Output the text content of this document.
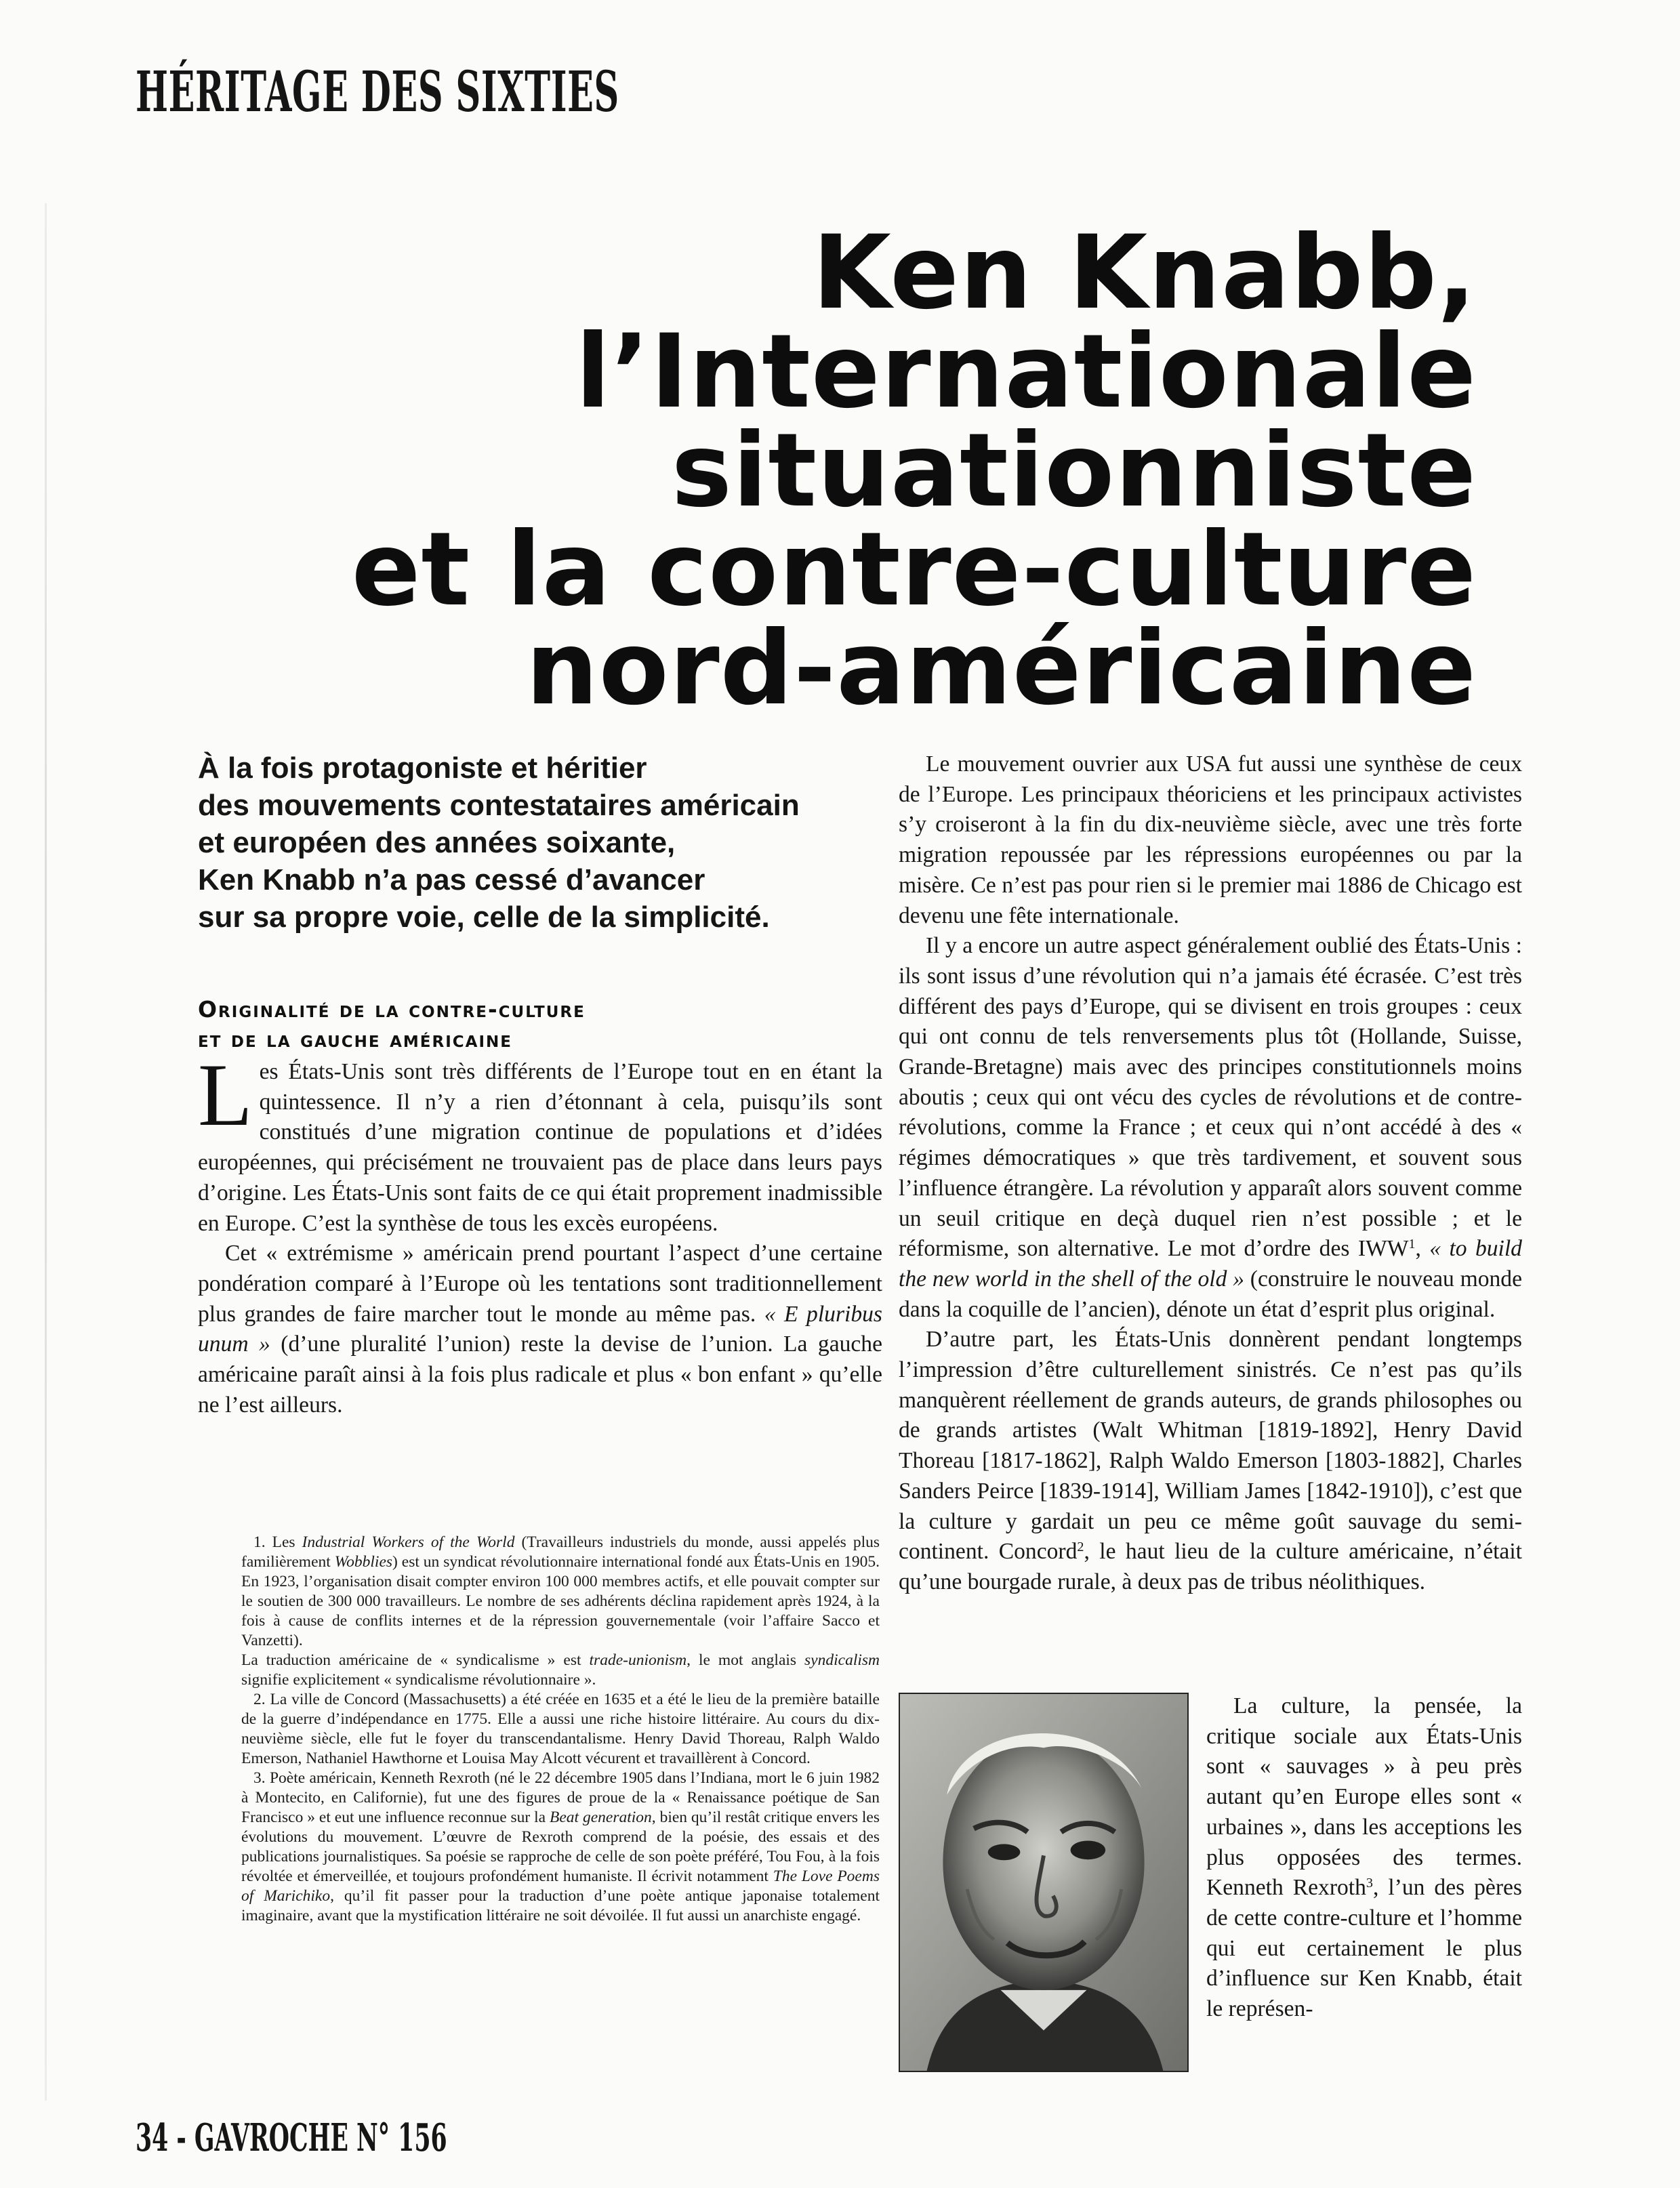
HÉRITAGE DES SIXTIES
Ken Knabb,
l’Internationale
situationniste
et la contre-culture
nord-américaine
À la fois protagoniste et héritier
des mouvements contestataires américain
et européen des années soixante,
Ken Knabb n’a pas cessé d’avancer
sur sa propre voie, celle de la simplicité.
Originalité de la contre-culture
et de la gauche américaine

Les États-Unis sont très différents de l’Europe tout en en étant la quintessence. Il n’y a rien d’étonnant à cela, puisqu’ils sont constitués d’une migration continue de populations et d’idées européennes, qui précisément ne trouvaient pas de place dans leurs pays d’origine. Les États-Unis sont faits de ce qui était proprement inadmissible en Europe. C’est la synthèse de tous les excès européens.

Cet « extrémisme » américain prend pourtant l’aspect d’une certaine pondération comparé à l’Europe où les tentations sont traditionnellement plus grandes de faire marcher tout le monde au même pas. « E pluribus unum » (d’une pluralité l’union) reste la devise de l’union. La gauche américaine paraît ainsi à la fois plus radicale et plus « bon enfant » qu’elle ne l’est ailleurs.

1. Les Industrial Workers of the World (Travailleurs industriels du monde, aussi appelés plus familièrement Wobblies) est un syndicat révolutionnaire international fondé aux États-Unis en 1905. En 1923, l’organisation disait compter environ 100 000 membres actifs, et elle pouvait compter sur le soutien de 300 000 travailleurs. Le nombre de ses adhérents déclina rapidement après 1924, à la fois à cause de conflits internes et de la répression gouvernementale (voir l’affaire Sacco et Vanzetti).

La traduction américaine de « syndicalisme » est trade-unionism, le mot anglais syndicalism signifie explicitement « syndicalisme révolutionnaire ».

2. La ville de Concord (Massachusetts) a été créée en 1635 et a été le lieu de la première bataille de la guerre d’indépendance en 1775. Elle a aussi une riche histoire littéraire. Au cours du dix-neuvième siècle, elle fut le foyer du transcendantalisme. Henry David Thoreau, Ralph Waldo Emerson, Nathaniel Hawthorne et Louisa May Alcott vécurent et travaillèrent à Concord.

3. Poète américain, Kenneth Rexroth (né le 22 décembre 1905 dans l’Indiana, mort le 6 juin 1982 à Montecito, en Californie), fut une des figures de proue de la « Renaissance poétique de San Francisco » et eut une influence reconnue sur la Beat generation, bien qu’il restât critique envers les évolutions du mouvement. L’œuvre de Rexroth comprend de la poésie, des essais et des publications journalistiques. Sa poésie se rapproche de celle de son poète préféré, Tou Fou, à la fois révoltée et émerveillée, et toujours profondément humaniste. Il écrivit notamment The Love Poems of Marichiko, qu’il fit passer pour la traduction d’une poète antique japonaise totalement imaginaire, avant que la mystification littéraire ne soit dévoilée. Il fut aussi un anarchiste engagé.

Le mouvement ouvrier aux USA fut aussi une synthèse de ceux de l’Europe. Les principaux théoriciens et les principaux activistes s’y croiseront à la fin du dix-neuvième siècle, avec une très forte migration repoussée par les répressions européennes ou par la misère. Ce n’est pas pour rien si le premier mai 1886 de Chicago est devenu une fête internationale.

Il y a encore un autre aspect généralement oublié des États-Unis : ils sont issus d’une révolution qui n’a jamais été écrasée. C’est très différent des pays d’Europe, qui se divisent en trois groupes : ceux qui ont connu de tels renversements plus tôt (Hollande, Suisse, Grande-Bretagne) mais avec des principes constitutionnels moins aboutis ; ceux qui ont vécu des cycles de révolutions et de contre-révolutions, comme la France ; et ceux qui n’ont accédé à des « régimes démocratiques » que très tardivement, et souvent sous l’influence étrangère. La révolution y apparaît alors souvent comme un seuil critique en deçà duquel rien n’est possible ; et le réformisme, son alternative. Le mot d’ordre des IWW$^1$, « to build the new world in the shell of the old » (construire le nouveau monde dans la coquille de l’ancien), dénote un état d’esprit plus original.

D’autre part, les États-Unis donnèrent pendant longtemps l’impression d’être culturellement sinistrés. Ce n’est pas qu’ils manquèrent réellement de grands auteurs, de grands philosophes ou de grands artistes (Walt Whitman [1819-1892], Henry David Thoreau [1817-1862], Ralph Waldo Emerson [1803-1882], Charles Sanders Peirce [1839-1914], William James [1842-1910]), c’est que la culture y gardait un peu ce même goût sauvage du semi-continent. Concord$^2$, le haut lieu de la culture américaine, n’était qu’une bourgade rurale, à deux pas de tribus néolithiques.

La culture, la pensée, la critique sociale aux États-Unis sont « sauvages » à peu près autant qu’en Europe elles sont « urbaines », dans les acceptions les plus opposées des termes. Kenneth Rexroth$^3$, l’un des pères de cette contre-culture et l’homme qui eut certainement le plus d’influence sur Ken Knabb, était le représen-

34 - GAVROCHE N° 156
